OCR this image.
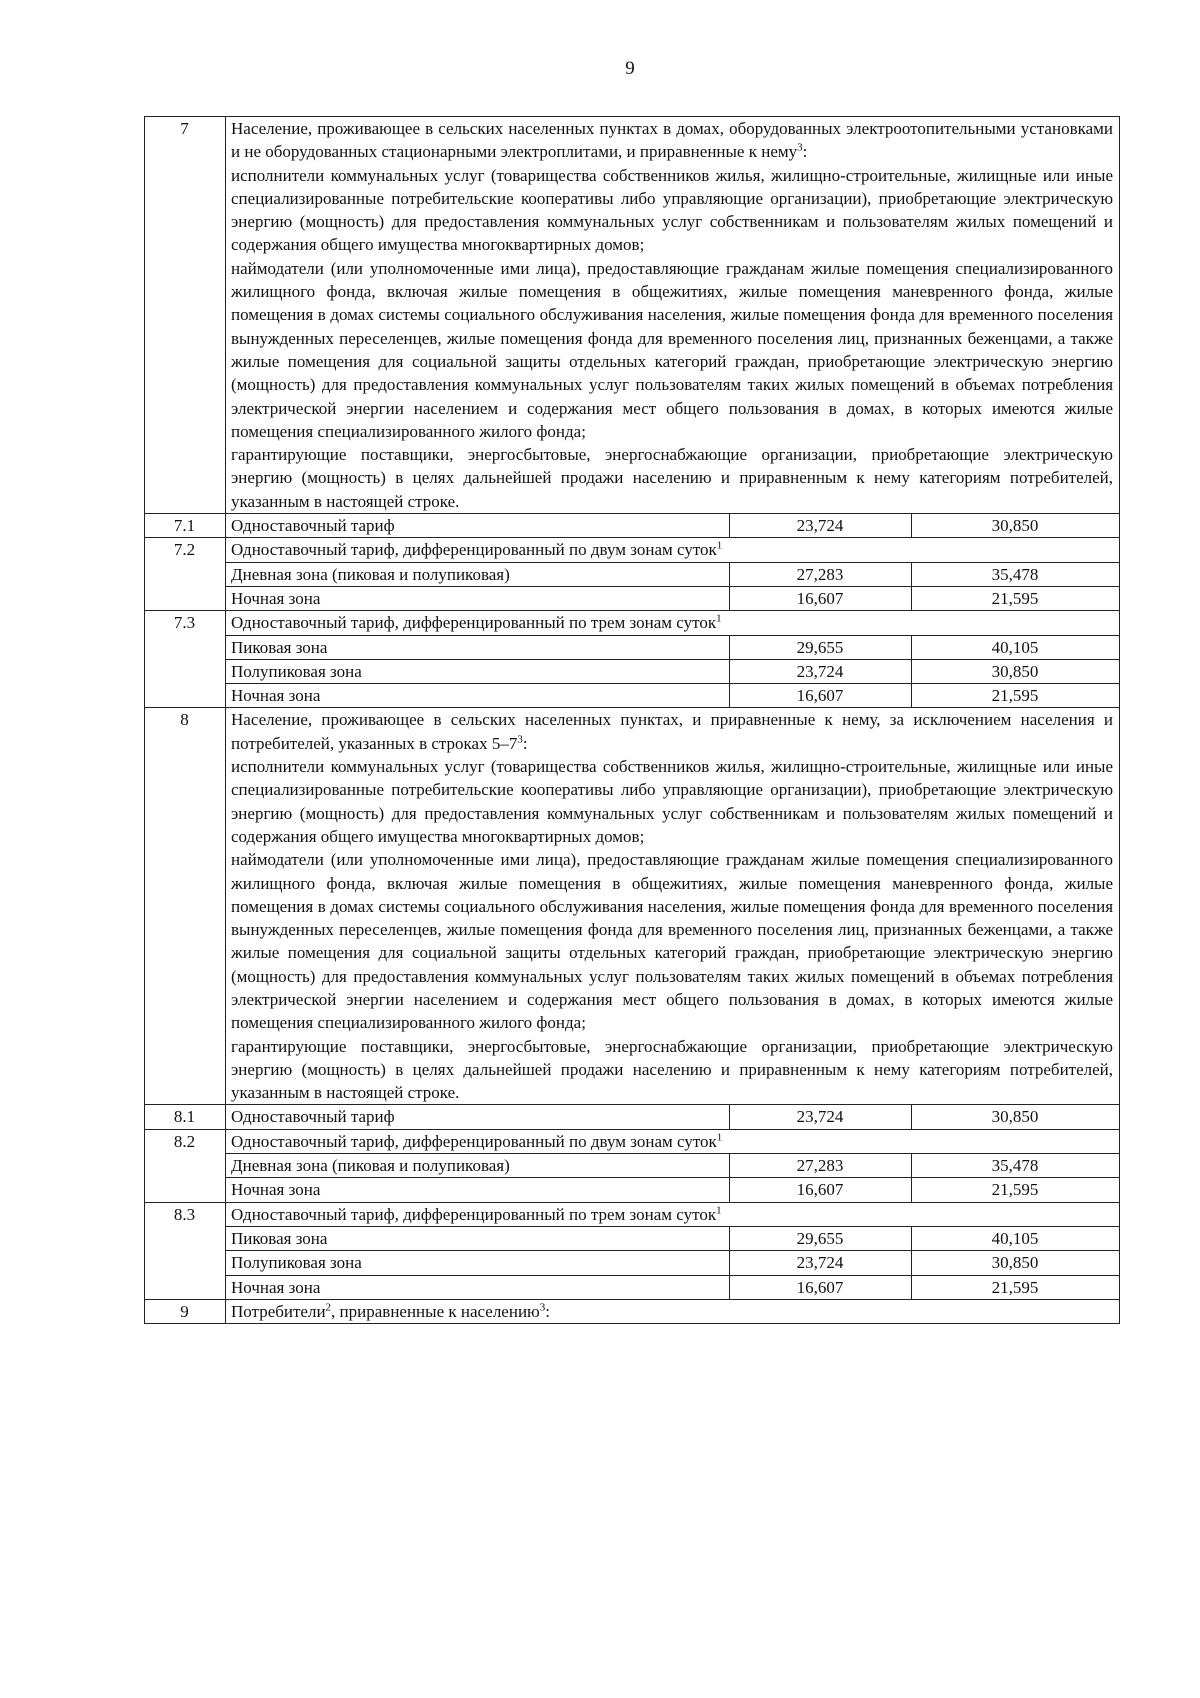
9
7	Население, проживающее в сельских населенных пунктах в домах, оборудованных электроотопительными установками и не оборудованных стационарными электроплитами, и приравненные к нему$^3$:

исполнители коммунальных услуг (товарищества собственников жилья, жилищно-строительные, жилищные или иные специализированные потребительские кооперативы либо управляющие организации), приобретающие электрическую энергию (мощность) для предоставления коммунальных услуг собственникам и пользователям жилых помещений и содержания общего имущества многоквартирных домов;

наймодатели (или уполномоченные ими лица), предоставляющие гражданам жилые помещения специализированного жилищного фонда, включая жилые помещения в общежитиях, жилые помещения маневренного фонда, жилые помещения в домах системы социального обслуживания населения, жилые помещения фонда для временного поселения вынужденных переселенцев, жилые помещения фонда для временного поселения лиц, признанных беженцами, а также жилые помещения для социальной защиты отдельных категорий граждан, приобретающие электрическую энергию (мощность) для предоставления коммунальных услуг пользователям таких жилых помещений в объемах потребления электрической энергии населением и содержания мест общего пользования в домах, в которых имеются жилые помещения специализированного жилого фонда;

гарантирующие поставщики, энергосбытовые, энергоснабжающие организации, приобретающие электрическую энергию (мощность) в целях дальнейшей продажи населению и приравненным к нему категориям потребителей, указанным в настоящей строке.		

7.1	Одноставочный тариф	23,724	30,850
7.2	Одноставочный тариф, дифференцированный по двум зонам суток$^1$
	Дневная зона (пиковая и полупиковая)	27,283	35,478
	Ночная зона	16,607	21,595
7.3	Одноставочный тариф, дифференцированный по трем зонам суток$^1$
	Пиковая зона	29,655	40,105
	Полупиковая зона	23,724	30,850
	Ночная зона	16,607	21,595
8	Население, проживающее в сельских населенных пунктах, и приравненные к нему, за исключением населения и потребителей, указанных в строках $5-7^3$:

исполнители коммунальных услуг (товарищества собственников жилья, жилищно-строительные, жилищные или иные специализированные потребительские кооперативы либо управляющие организации), приобретающие электрическую энергию (мощность) для предоставления коммунальных услуг собственникам и пользователям жилых помещений и содержания общего имущества многоквартирных домов;

наймодатели (или уполномоченные ими лица), предоставляющие гражданам жилые помещения специализированного жилищного фонда, включая жилые помещения в общежитиях, жилые помещения маневренного фонда, жилые помещения в домах системы социального обслуживания населения, жилые помещения фонда для временного поселения вынужденных переселенцев, жилые помещения фонда для временного поселения лиц, признанных беженцами, а также жилые помещения для социальной защиты отдельных категорий граждан, приобретающие электрическую энергию (мощность) для предоставления коммунальных услуг пользователям таких жилых помещений в объемах потребления электрической энергии населением и содержания мест общего пользования в домах, в которых имеются жилые помещения специализированного жилого фонда;

гарантирующие поставщики, энергосбытовые, энергоснабжающие организации, приобретающие электрическую энергию (мощность) в целях дальнейшей продажи населению и приравненным к нему категориям потребителей, указанным в настоящей строке.		

8.1	Одноставочный тариф	23,724	30,850
8.2	Одноставочный тариф, дифференцированный по двум зонам суток$^1$
	Дневная зона (пиковая и полупиковая)	27,283	35,478
	Ночная зона	16,607	21,595
8.3	Одноставочный тариф, дифференцированный по трем зонам суток$^1$
	Пиковая зона	29,655	40,105
	Полупиковая зона	23,724	30,850
	Ночная зона	16,607	21,595
9	Потребители$^2$, приравненные к населению$^3$:		
